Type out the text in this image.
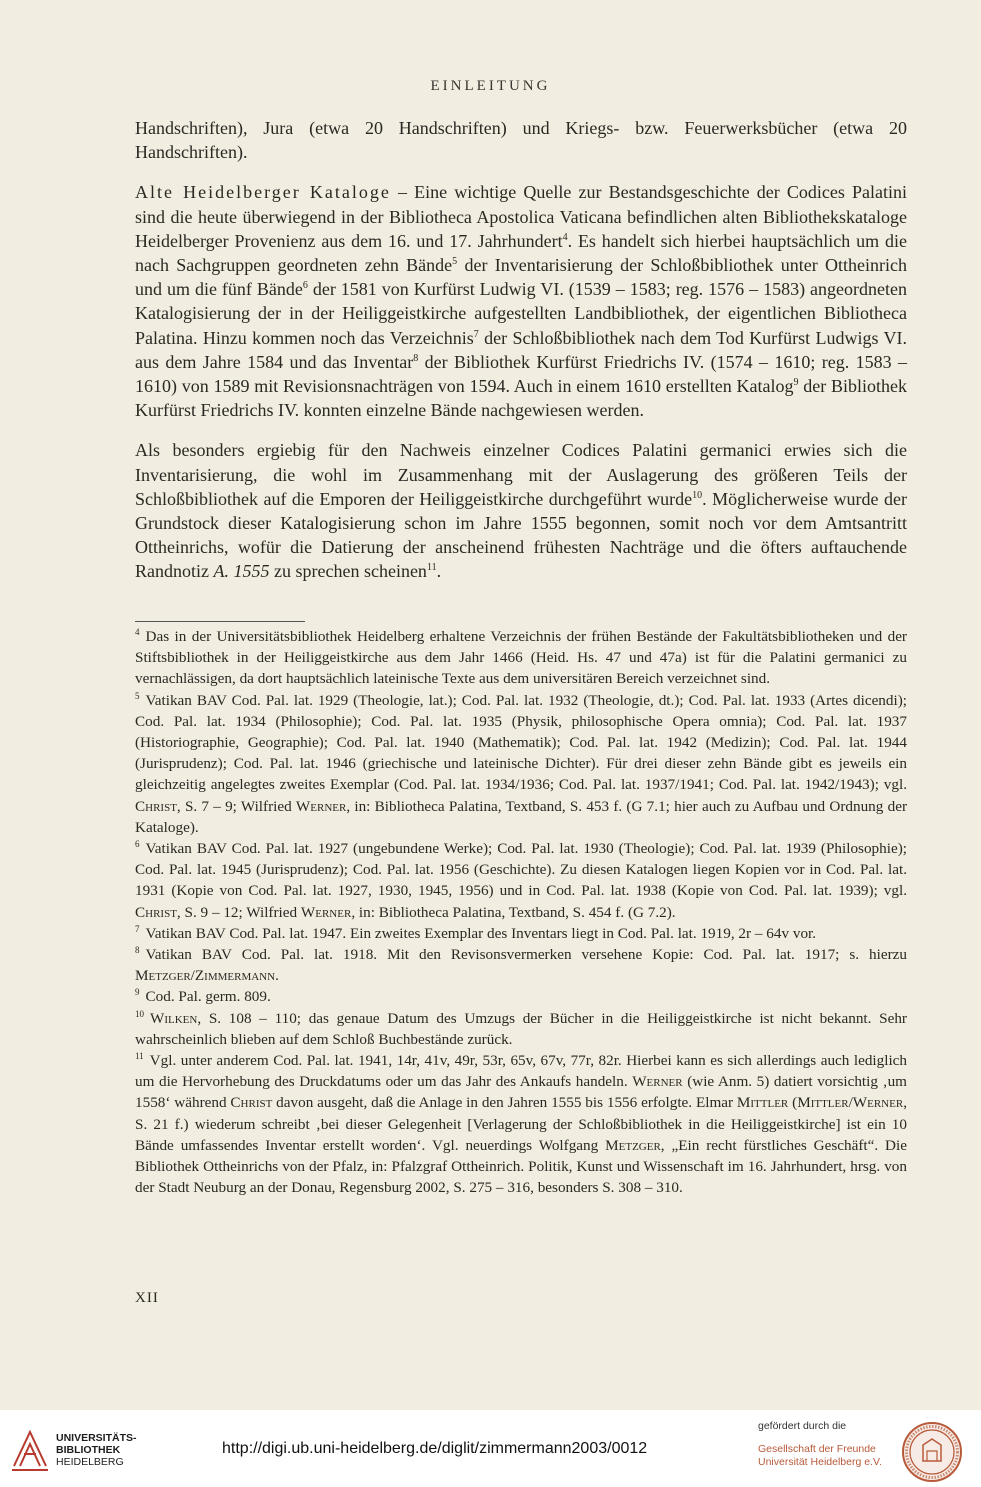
EINLEITUNG

Handschriften), Jura (etwa 20 Handschriften) und Kriegs- bzw. Feuerwerksbücher (etwa 20 Handschriften).

Alte Heidelberger Kataloge – Eine wichtige Quelle zur Bestandsgeschichte der Codices Palatini sind die heute überwiegend in der Bibliotheca Apostolica Vaticana befindlichen alten Bibliothekskataloge Heidelberger Provenienz aus dem 16. und 17. Jahrhundert$^4$. Es handelt sich hierbei hauptsächlich um die nach Sachgruppen geordneten zehn Bände$^5$ der Inventarisierung der Schloßbibliothek unter Ottheinrich und um die fünf Bände$^6$ der 1581 von Kurfürst Ludwig VI. (1539 – 1583; reg. 1576 – 1583) angeordneten Katalogisierung der in der Heiliggeistkirche aufgestellten Landbibliothek, der eigentlichen Bibliotheca Palatina. Hinzu kommen noch das Verzeichnis$^7$ der Schloßbibliothek nach dem Tod Kurfürst Ludwigs VI. aus dem Jahre 1584 und das Inventar$^8$ der Bibliothek Kurfürst Friedrichs IV. (1574 – 1610; reg. 1583 – 1610) von 1589 mit Revisionsnachträgen von 1594. Auch in einem 1610 erstellten Katalog$^9$ der Bibliothek Kurfürst Friedrichs IV. konnten einzelne Bände nachgewiesen werden.

Als besonders ergiebig für den Nachweis einzelner Codices Palatini germanici erwies sich die Inventarisierung, die wohl im Zusammenhang mit der Auslagerung des größeren Teils der Schloßbibliothek auf die Emporen der Heiliggeistkirche durchgeführt wurde$^{10}$. Möglicherweise wurde der Grundstock dieser Katalogisierung schon im Jahre 1555 begonnen, somit noch vor dem Amtsantritt Ottheinrichs, wofür die Datierung der anscheinend frühesten Nachträge und die öfters auftauchende Randnotiz A. 1555 zu sprechen scheinen$^{11}$.

$^4$ Das in der Universitätsbibliothek Heidelberg erhaltene Verzeichnis der frühen Bestände der Fakultätsbibliotheken und der Stiftsbibliothek in der Heiliggeistkirche aus dem Jahr 1466 (Heid. Hs. 47 und 47a) ist für die Palatini germanici zu vernachlässigen, da dort hauptsächlich lateinische Texte aus dem universitären Bereich verzeichnet sind.

$^5$ Vatikan BAV Cod. Pal. lat. 1929 (Theologie, lat.); Cod. Pal. lat. 1932 (Theologie, dt.); Cod. Pal. lat. 1933 (Artes dicendi); Cod. Pal. lat. 1934 (Philosophie); Cod. Pal. lat. 1935 (Physik, philosophische Opera omnia); Cod. Pal. lat. 1937 (Historiographie, Geographie); Cod. Pal. lat. 1940 (Mathematik); Cod. Pal. lat. 1942 (Medizin); Cod. Pal. lat. 1944 (Jurisprudenz); Cod. Pal. lat. 1946 (griechische und lateinische Dichter). Für drei dieser zehn Bände gibt es jeweils ein gleichzeitig angelegtes zweites Exemplar (Cod. Pal. lat. 1934/1936; Cod. Pal. lat. 1937/1941; Cod. Pal. lat. 1942/1943); vgl. Christ, S. 7 – 9; Wilfried Werner, in: Bibliotheca Palatina, Textband, S. 453 f. (G 7.1; hier auch zu Aufbau und Ordnung der Kataloge).

$^6$ Vatikan BAV Cod. Pal. lat. 1927 (ungebundene Werke); Cod. Pal. lat. 1930 (Theologie); Cod. Pal. lat. 1939 (Philosophie); Cod. Pal. lat. 1945 (Jurisprudenz); Cod. Pal. lat. 1956 (Geschichte). Zu diesen Katalogen liegen Kopien vor in Cod. Pal. lat. 1931 (Kopie von Cod. Pal. lat. 1927, 1930, 1945, 1956) und in Cod. Pal. lat. 1938 (Kopie von Cod. Pal. lat. 1939); vgl. Christ, S. 9 – 12; Wilfried Werner, in: Bibliotheca Palatina, Textband, S. 454 f. (G 7.2).

$^7$ Vatikan BAV Cod. Pal. lat. 1947. Ein zweites Exemplar des Inventars liegt in Cod. Pal. lat. 1919, 2r – 64v vor.

$^8$ Vatikan BAV Cod. Pal. lat. 1918. Mit den Revisonsvermerken versehene Kopie: Cod. Pal. lat. 1917; s. hierzu Metzger/Zimmermann.

$^9$ Cod. Pal. germ. 809.

$^{10}$ Wilken, S. 108 – 110; das genaue Datum des Umzugs der Bücher in die Heiliggeistkirche ist nicht bekannt. Sehr wahrscheinlich blieben auf dem Schloß Buchbestände zurück.

$^{11}$ Vgl. unter anderem Cod. Pal. lat. 1941, 14r, 41v, 49r, 53r, 65v, 67v, 77r, 82r. Hierbei kann es sich allerdings auch lediglich um die Hervorhebung des Druckdatums oder um das Jahr des Ankaufs handeln. Werner (wie Anm. 5) datiert vorsichtig ‚um 1558‘ während Christ davon ausgeht, daß die Anlage in den Jahren 1555 bis 1556 erfolgte. Elmar Mittler (Mittler/Werner, S. 21 f.) wiederum schreibt ‚bei dieser Gelegenheit [Verlagerung der Schloßbibliothek in die Heiliggeistkirche] ist ein 10 Bände umfassendes Inventar erstellt worden‘. Vgl. neuerdings Wolfgang Metzger, „Ein recht fürstliches Geschäft“. Die Bibliothek Ottheinrichs von der Pfalz, in: Pfalzgraf Ottheinrich. Politik, Kunst und Wissenschaft im 16. Jahrhundert, hrsg. von der Stadt Neuburg an der Donau, Regensburg 2002, S. 275 – 316, besonders S. 308 – 310.

XII
UNIVERSITÄTS-
BIBLIOTHEK
HEIDELBERG
http://digi.ub.uni-heidelberg.de/diglit/zimmermann2003/0012
gefördert durch die
Gesellschaft der Freunde
Universität Heidelberg e.V.
